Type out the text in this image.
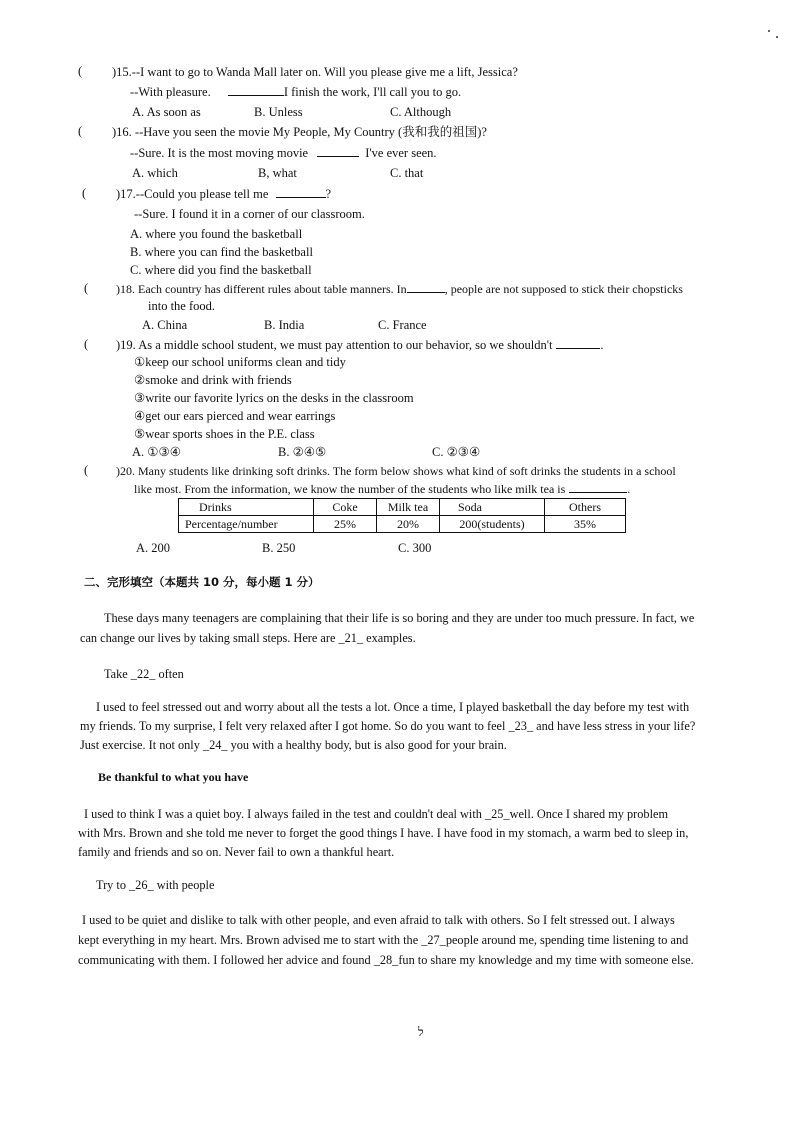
( )15.--I want to go to Wanda Mall later on. Will you please give me a lift, Jessica?
--With pleasure.	I finish the work, I'll call you to go.
A. As soon as	B. Unless	C. Although
( )16. --Have you seen the movie My People, My Country (我和我的祖国)?
--Sure. It is the most moving movie	I've ever seen.
A. which	B, what	C. that
( )17.--Could you please tell me	?
--Sure. I found it in a corner of our classroom.
A. where you found the basketball
B. where you can find the basketball
C. where did you find the basketball
( )18. Each country has different rules about table manners. In	, people are not supposed to stick their chopsticks
into the food.
A. China	B. India	C. France
( )19. As a middle school student, we must pay attention to our behavior, so we shouldn't	.
①keep our school uniforms clean and tidy
②smoke and drink with friends
③write our favorite lyrics on the desks in the classroom
④get our ears pierced and wear earrings
⑤wear sports shoes in the P.E. class
A. ①③④	B. ②④⑤	C. ②③④
( )20. Many students like drinking soft drinks. The form below shows what kind of soft drinks the students in a school
like most. From the information, we know the number of the students who like milk tea is	.
Drinks	Coke	Milk tea	Soda	Others
Percentage/number	25%	20%	200(students)	35%
A. 200	B. 250	C. 300
二、完形填空（本题共 10 分，每小题 1 分）
These days many teenagers are complaining that their life is so boring and they are under too much pressure. In fact, we
can change our lives by taking small steps. Here are _21_ examples.
Take _22_ often
I used to feel stressed out and worry about all the tests a lot. Once a time, I played basketball the day before my test with
my friends. To my surprise, I felt very relaxed after I got home. So do you want to feel _23_ and have less stress in your life?
Just exercise. It not only _24_ you with a healthy body, but is also good for your brain.
Be thankful to what you have
I used to think I was a quiet boy. I always failed in the test and couldn't deal with _25_well. Once I shared my problem
with Mrs. Brown and she told me never to forget the good things I have. I have food in my stomach, a warm bed to sleep in,
family and friends and so on. Never fail to own a thankful heart.
Try to _26_ with people
I used to be quiet and dislike to talk with other people, and even afraid to talk with others. So I felt stressed out. I always
kept everything in my heart. Mrs. Brown advised me to start with the _27_people around me, spending time listening to and
communicating with them. I followed her advice and found _28_fun to share my knowledge and my time with someone else.
ל
